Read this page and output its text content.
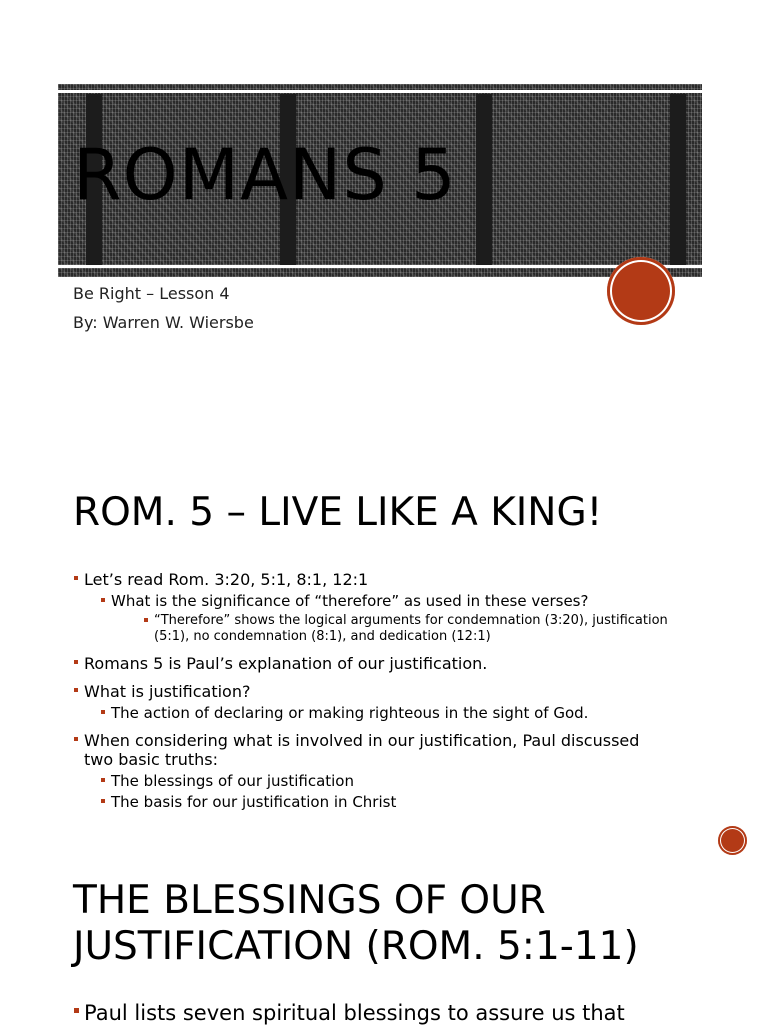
ROMANS 5
Be Right – Lesson 4
By: Warren W. Wiersbe
ROM. 5 – LIVE LIKE A KING!
Let’s read Rom. 3:20, 5:1, 8:1, 12:1
What is the significance of “therefore” as used in these verses?
“Therefore” shows the logical arguments for condemnation (3:20), justification (5:1), no condemnation (8:1), and dedication (12:1)
Romans 5 is Paul’s explanation of our justification.
What is justification?
The action of declaring or making righteous in the sight of God.
When considering what is involved in our justification, Paul discussed two basic truths:
The blessings of our justification
The basis for our justification in Christ
THE BLESSINGS OF OUR JUSTIFICATION (ROM. 5:1-11)
Paul lists seven spiritual blessings to assure us that
